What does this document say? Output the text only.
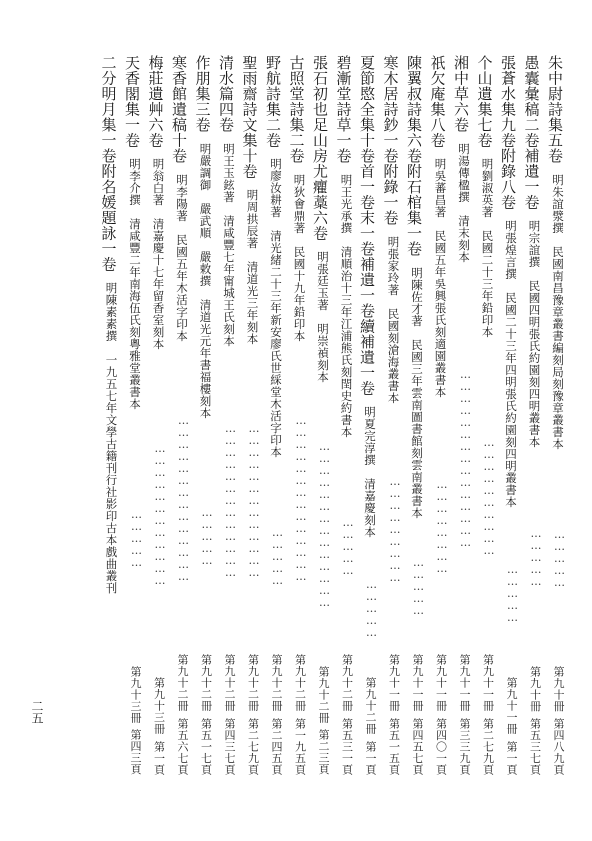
朱中尉詩集五卷
明朱誼㵨撰　民國南昌豫章叢書編刻局刻豫章叢書本
第四八九頁
第九十冊
……………
愚囊彙稿二卷補遺一卷
明宗誼撰　民國四明張氏約園刻四明叢書本
第五三七頁
第九十冊
……………
張蒼水集九卷附錄八卷
明張煌言撰　民國二十三年四明張氏約園刻四明叢書本
第一頁
第九十一冊
……………
个山遺集七卷
明劉淑英著　民國二十三年鉛印本
第二七九頁
第九十一冊
…………………………
湘中草六卷
明湯傳楹撰　清末刻本
第三三九頁
第九十一冊
………………………………………
祇欠庵集八卷
明吳蕃昌著　民國五年吳興張氏刻適園叢書本
第四〇一頁
第九十一冊
……………………
陳翼叔詩集六卷附石棺集一卷
明陳佐才著　民國三年雲南圖書館刻雲南叢書本
第四五七頁
第九十一冊
……………
寒木居詩鈔一卷附錄一卷
明張家玲著　民國刻滄海叢書本
第五一五頁
第九十一冊
………………………
夏節愍全集十卷首一卷末一卷補遺一卷續補遺一卷
明夏完淳撰　清嘉慶刻本
第一頁
第九十二冊
……………
碧漸堂詩草一卷
明王光承撰　清順治十三年江浦熊氏刻閏史約書本
第五三一頁
第九十二冊
……………
張石初也足山房尤癯藁六卷
明張廷玉著　明崇禎刻本
第二三頁
第九十二冊
……………………………………
古照堂詩集二卷
明狄會鼎著　民國十九年鉛印本
第一九五頁
第九十二冊
……………………………………
野航詩集二卷
明廖汝耕著　清光緒二十三年新安廖氏世綵堂木活字印本
第二四五頁
第九十二冊
……………
聖雨齋詩文集十卷
明周拱辰著　清道光三年刻本
第二七九頁
第九十二冊
…………………………………
清水篇四卷
明王玉鉉著　清咸豐七年甯城王氏刻本
第四三七頁
第九十二冊
…………………………………
作朋集三卷
明嚴調御　嚴武順　嚴敕撰　清道光元年書福樓刻本
第五一七頁
第九十二冊
……………
寒香館遺稿十卷
明李陽著　民國五年木活字印本
第五六七頁
第九十二冊
……………………………………
梅莊遺艸六卷
明翁白著　清嘉慶十七年留香室刻本
第一頁
第九十三冊
………………………………
天香閣集一卷
明李介撰　清咸豐二年南海伍氏刻粵雅堂叢書本
第四三頁
第九十三冊
……………
二分明月集一卷附名媛題詠一卷
明陳素素撰　一九五七年文學古籍刊行社影印古本戲曲叢刊
二五
